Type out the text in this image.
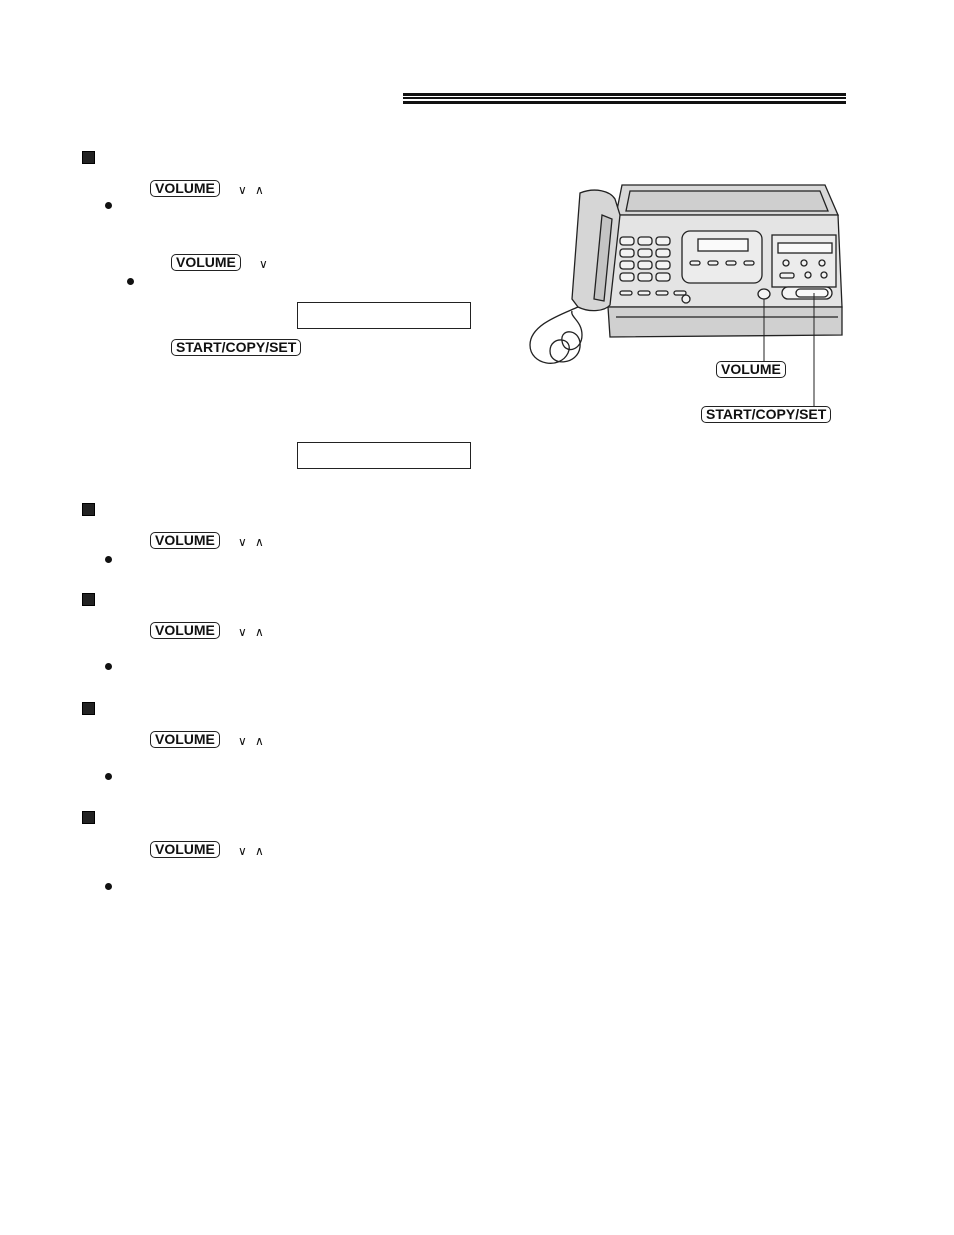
VOLUME	∨ ∧
VOLUME	∨
START/COPY/SET
VOLUME	∨ ∧
VOLUME	∨ ∧
VOLUME	∨ ∧
VOLUME	∨ ∧
VOLUME
START/COPY/SET
